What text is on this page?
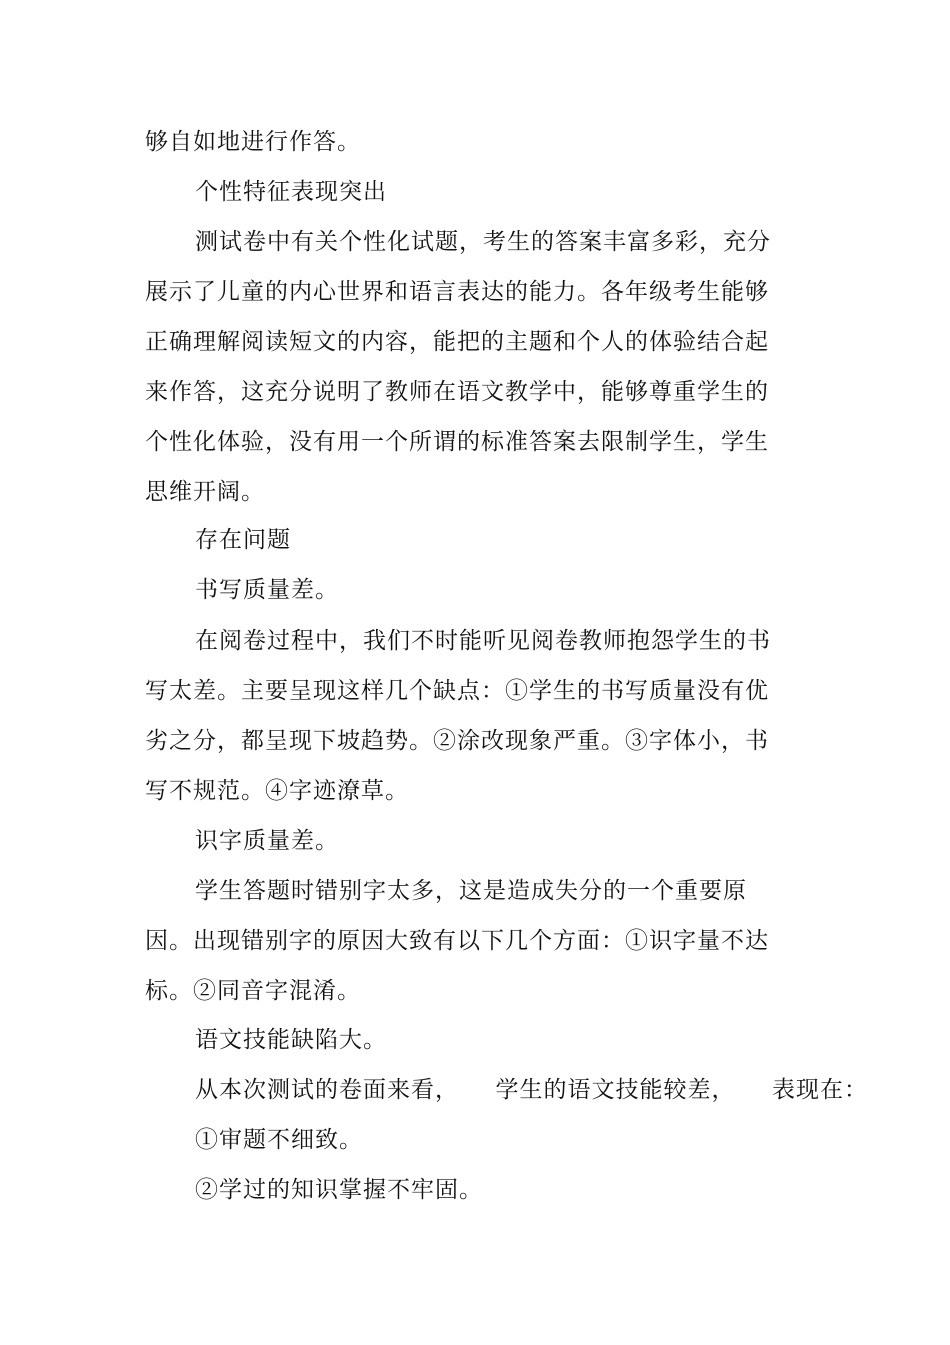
够自如地进行作答。
个性特征表现突出
测试卷中有关个性化试题，考生的答案丰富多彩，充分
展示了儿童的内心世界和语言表达的能力。各年级考生能够
正确理解阅读短文的内容，能把的主题和个人的体验结合起
来作答，这充分说明了教师在语文教学中，能够尊重学生的
个性化体验，没有用一个所谓的标准答案去限制学生，学生
思维开阔。
存在问题
书写质量差。
在阅卷过程中，我们不时能听见阅卷教师抱怨学生的书
写太差。主要呈现这样几个缺点：①学生的书写质量没有优
劣之分，都呈现下坡趋势。②涂改现象严重。③字体小，书
写不规范。④字迹潦草。
识字质量差。
学生答题时错别字太多，这是造成失分的一个重要原
因。出现错别字的原因大致有以下几个方面：①识字量不达
标。②同音字混淆。
语文技能缺陷大。
从本次测试的卷面来看，　　学生的语文技能较差，　　表现在：
①审题不细致。
②学过的知识掌握不牢固。
